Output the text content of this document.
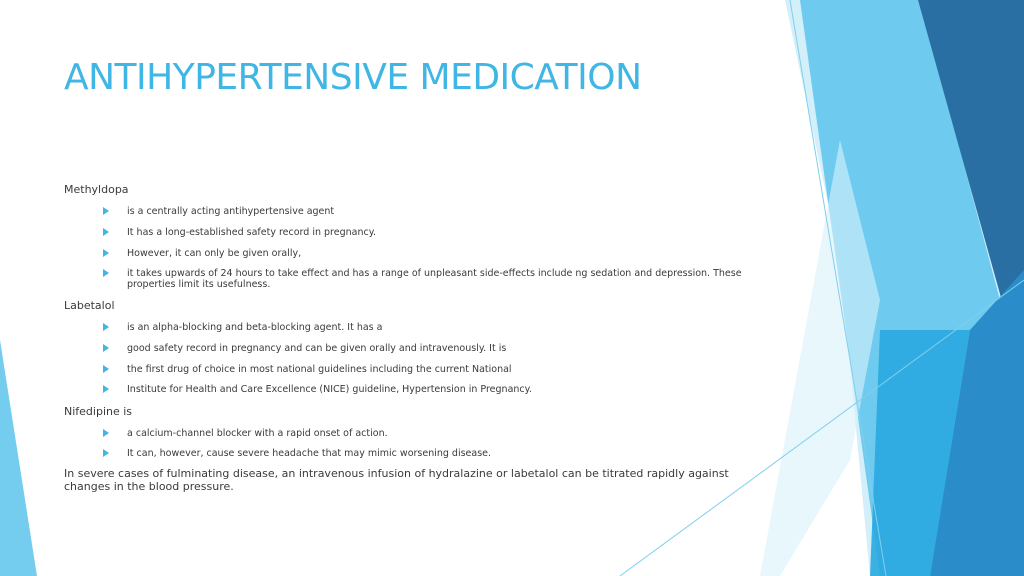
ANTIHYPERTENSIVE MEDICATION
Methyldopa
is a centrally acting antihypertensive agent
It has a long-established safety record in pregnancy.
However, it can only be given orally,
it takes upwards of 24 hours to take effect and has a range of unpleasant side-effects include ng sedation and depression. These properties limit its usefulness.
Labetalol
is an alpha-blocking and beta-blocking agent. It has a
good safety record in pregnancy and can be given orally and intravenously. It is
the first drug of choice in most national guidelines including the current National
Institute for Health and Care Excellence (NICE) guideline, Hypertension in Pregnancy.
Nifedipine is
a calcium-channel blocker with a rapid onset of action.
It can, however, cause severe headache that may mimic worsening disease.
In severe cases of fulminating disease, an intravenous infusion of hydralazine or labetalol can be titrated rapidly against changes in the blood pressure.
